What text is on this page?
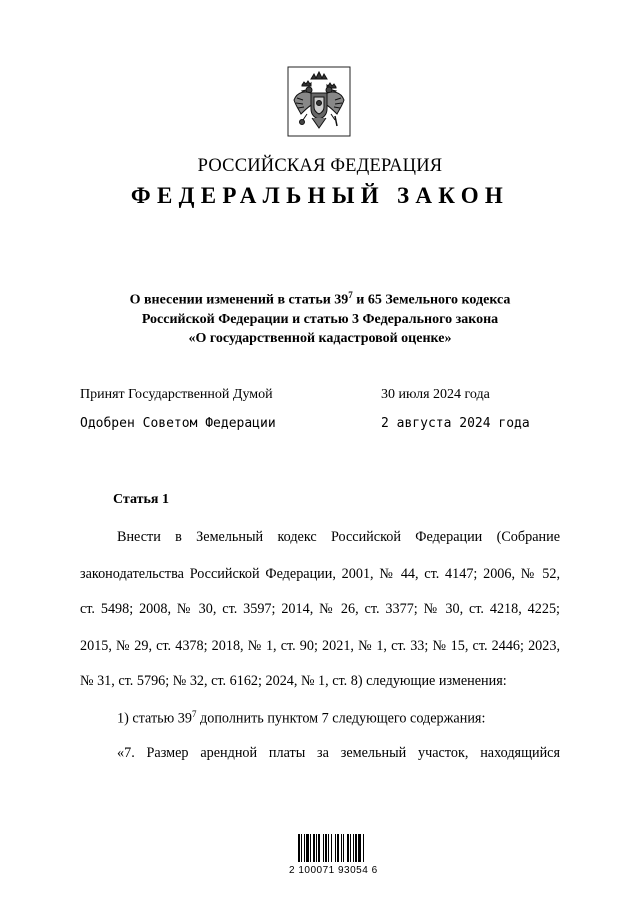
РОССИЙСКАЯ ФЕДЕРАЦИЯ
ФЕДЕРАЛЬНЫЙ ЗАКОН
О внесении изменений в статьи $39^7$ и 65 Земельного кодекса
Российской Федерации и статью 3 Федерального закона
«О государственной кадастровой оценке»
Принят Государственной Думой	30 июля 2024 года
Одобрен Советом Федерации	2 августа 2024 года
Статья 1
Внести в Земельный кодекс Российской Федерации (Собрание
законодательства Российской Федерации, 2001, № 44, ст. 4147; 2006, № 52,
ст. 5498; 2008, № 30, ст. 3597; 2014, № 26, ст. 3377; № 30, ст. 4218, 4225;
2015, № 29, ст. 4378; 2018, № 1, ст. 90; 2021, № 1, ст. 33; № 15, ст. 2446; 2023,
№ 31, ст. 5796; № 32, ст. 6162; 2024, № 1, ст. 8) следующие изменения:
1) статью $39^7$ дополнить пунктом 7 следующего содержания:
«7. Размер арендной платы за земельный участок, находящийся
2 100071 93054 6
